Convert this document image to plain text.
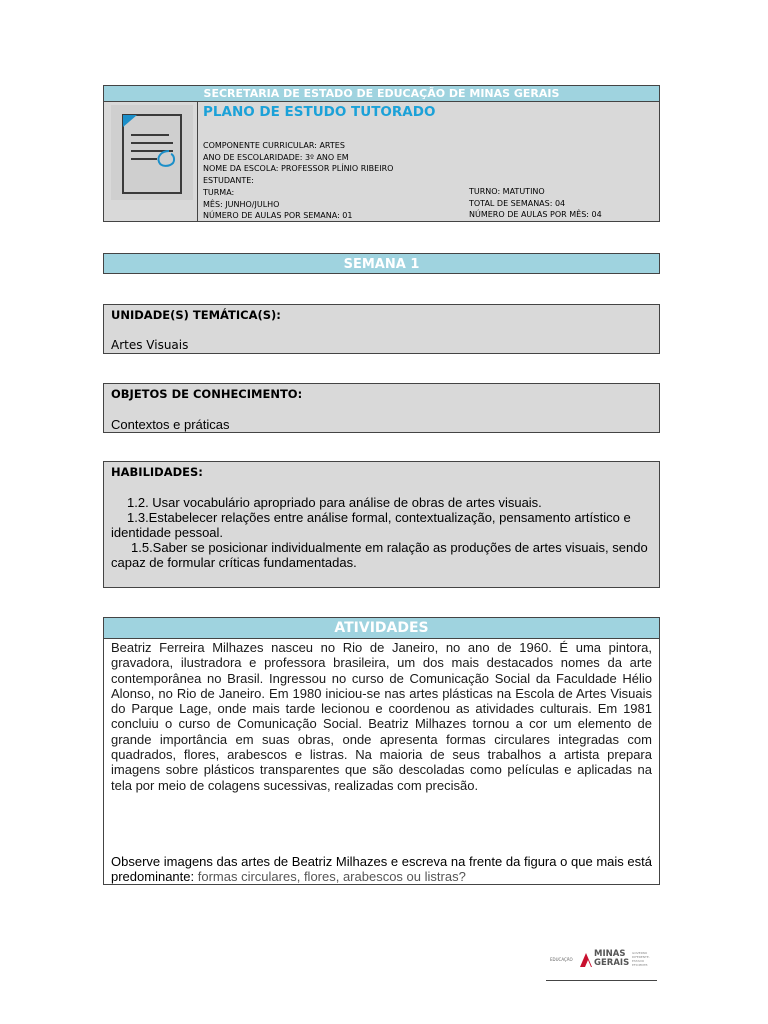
SECRETARIA DE ESTADO DE EDUCAÇÃO DE MINAS GERAIS
PLANO DE ESTUDO TUTORADO
COMPONENTE CURRICULAR: ARTES
ANO DE ESCOLARIDADE: 3º ANO EM
NOME DA ESCOLA: PROFESSOR PLÍNIO RIBEIRO
ESTUDANTE:
TURMA:
MÊS: JUNHO/JULHO
NÚMERO DE AULAS POR SEMANA: 01
TURNO: MATUTINO
TOTAL DE SEMANAS: 04
NÚMERO DE AULAS POR MÊS: 04
SEMANA 1
UNIDADE(S) TEMÁTICA(S):
Artes Visuais
OBJETOS DE CONHECIMENTO:
Contextos e práticas
HABILIDADES:
1.2. Usar vocabulário apropriado para análise de obras de artes visuais.
1.3.Estabelecer relações entre análise formal, contextualização, pensamento artístico e identidade pessoal.
1.5.Saber se posicionar individualmente em ralação as produções de artes visuais, sendo capaz de formular críticas fundamentadas.
ATIVIDADES
Beatriz Ferreira Milhazes nasceu no Rio de Janeiro, no ano de 1960. É uma pintora, gravadora, ilustradora e professora brasileira, um dos mais destacados nomes da arte contemporânea no Brasil. Ingressou no curso de Comunicação Social da Faculdade Hélio Alonso, no Rio de Janeiro. Em 1980 iniciou-se nas artes plásticas na Escola de Artes Visuais do Parque Lage, onde mais tarde lecionou e coordenou as atividades culturais. Em 1981 concluiu o curso de Comunicação Social. Beatriz Milhazes tornou a cor um elemento de grande importância em suas obras, onde apresenta formas circulares integradas com quadrados, flores, arabescos e listras. Na maioria de seus trabalhos a artista prepara imagens sobre plásticos transparentes que são descoladas como películas e aplicadas na tela por meio de colagens sucessivas, realizadas com precisão.
Observe imagens das artes de Beatriz Milhazes e escreva na frente da figura o que mais está predominante: formas circulares, flores, arabescos ou listras?
EDUCAÇÃO
MINAS GERAIS
GOVERNO DIFERENTE. ESTADO EFICIENTE.
